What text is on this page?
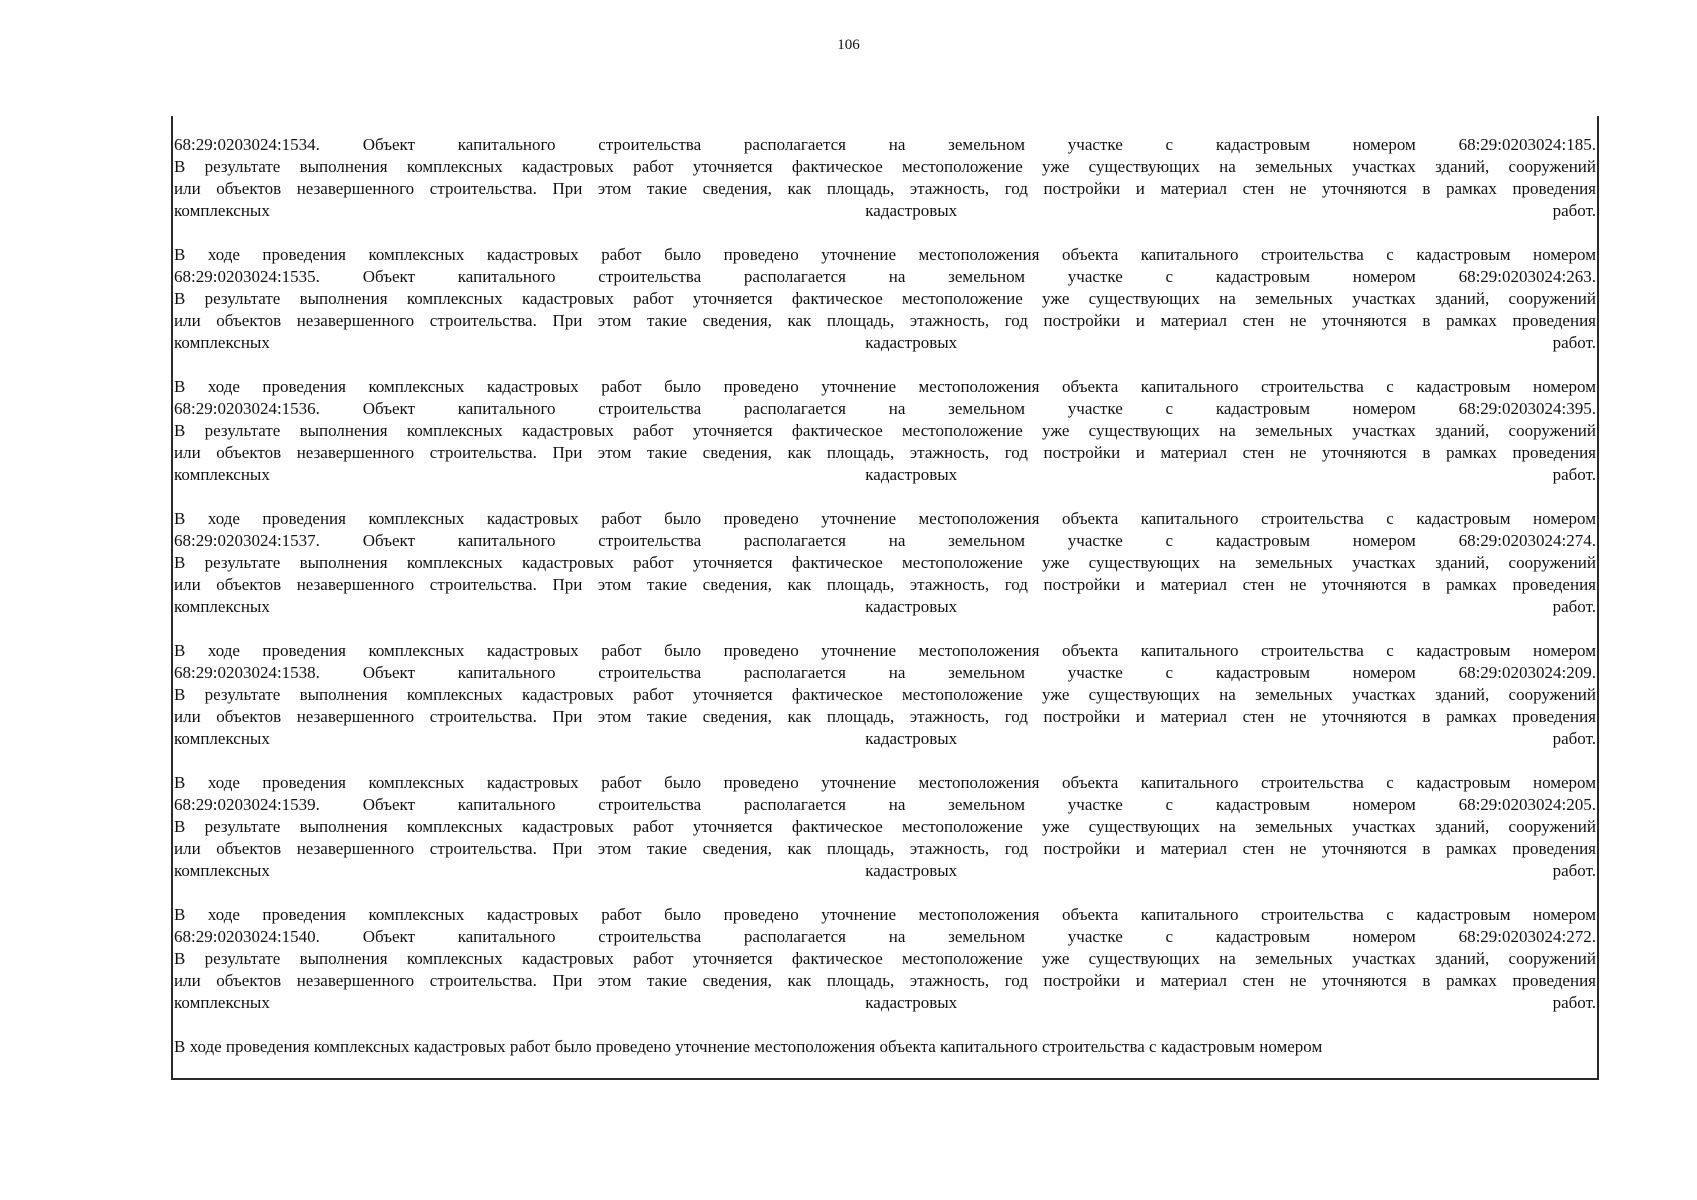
106
68:29:0203024:1534. Объект капитального строительства располагается на земельном участке с кадастровым номером 68:29:0203024:185.
В результате выполнения комплексных кадастровых работ уточняется фактическое местоположение уже существующих на земельных участках зданий, сооружений
или объектов незавершенного строительства. При этом такие сведения, как площадь, этажность, год постройки и материал стен не уточняются в рамках проведения
комплексных	кадастровых	работ.
В ходе проведения комплексных кадастровых работ было проведено уточнение местоположения объекта капитального строительства с кадастровым номером
68:29:0203024:1535. Объект капитального строительства располагается на земельном участке с кадастровым номером 68:29:0203024:263.
В результате выполнения комплексных кадастровых работ уточняется фактическое местоположение уже существующих на земельных участках зданий, сооружений
или объектов незавершенного строительства. При этом такие сведения, как площадь, этажность, год постройки и материал стен не уточняются в рамках проведения
комплексных	кадастровых	работ.
В ходе проведения комплексных кадастровых работ было проведено уточнение местоположения объекта капитального строительства с кадастровым номером
68:29:0203024:1536. Объект капитального строительства располагается на земельном участке с кадастровым номером 68:29:0203024:395.
В результате выполнения комплексных кадастровых работ уточняется фактическое местоположение уже существующих на земельных участках зданий, сооружений
или объектов незавершенного строительства. При этом такие сведения, как площадь, этажность, год постройки и материал стен не уточняются в рамках проведения
комплексных	кадастровых	работ.
В ходе проведения комплексных кадастровых работ было проведено уточнение местоположения объекта капитального строительства с кадастровым номером
68:29:0203024:1537. Объект капитального строительства располагается на земельном участке с кадастровым номером 68:29:0203024:274.
В результате выполнения комплексных кадастровых работ уточняется фактическое местоположение уже существующих на земельных участках зданий, сооружений
или объектов незавершенного строительства. При этом такие сведения, как площадь, этажность, год постройки и материал стен не уточняются в рамках проведения
комплексных	кадастровых	работ.
В ходе проведения комплексных кадастровых работ было проведено уточнение местоположения объекта капитального строительства с кадастровым номером
68:29:0203024:1538. Объект капитального строительства располагается на земельном участке с кадастровым номером 68:29:0203024:209.
В результате выполнения комплексных кадастровых работ уточняется фактическое местоположение уже существующих на земельных участках зданий, сооружений
или объектов незавершенного строительства. При этом такие сведения, как площадь, этажность, год постройки и материал стен не уточняются в рамках проведения
комплексных	кадастровых	работ.
В ходе проведения комплексных кадастровых работ было проведено уточнение местоположения объекта капитального строительства с кадастровым номером
68:29:0203024:1539. Объект капитального строительства располагается на земельном участке с кадастровым номером 68:29:0203024:205.
В результате выполнения комплексных кадастровых работ уточняется фактическое местоположение уже существующих на земельных участках зданий, сооружений
или объектов незавершенного строительства. При этом такие сведения, как площадь, этажность, год постройки и материал стен не уточняются в рамках проведения
комплексных	кадастровых	работ.
В ходе проведения комплексных кадастровых работ было проведено уточнение местоположения объекта капитального строительства с кадастровым номером
68:29:0203024:1540. Объект капитального строительства располагается на земельном участке с кадастровым номером 68:29:0203024:272.
В результате выполнения комплексных кадастровых работ уточняется фактическое местоположение уже существующих на земельных участках зданий, сооружений
или объектов незавершенного строительства. При этом такие сведения, как площадь, этажность, год постройки и материал стен не уточняются в рамках проведения
комплексных	кадастровых	работ.
В ходе проведения комплексных кадастровых работ было проведено уточнение местоположения объекта капитального строительства с кадастровым номером
